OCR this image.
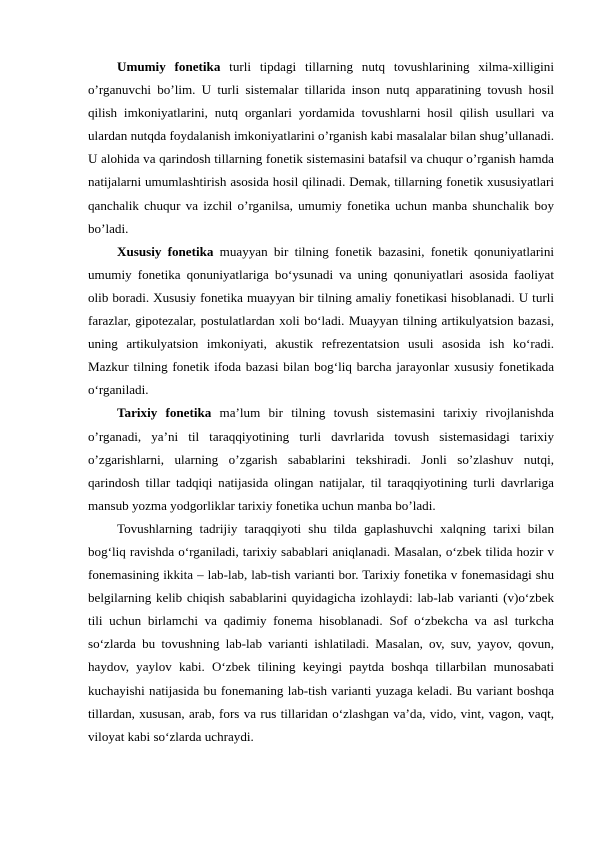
Umumiy fonetika turli tipdagi tillarning nutq tovushlarining xilma-xilligini o’rganuvchi bo’lim. U turli sistemalar tillarida inson nutq apparatining tovush hosil qilish imkoniyatlarini, nutq organlari yordamida tovushlarni hosil qilish usullari va ulardan nutqda foydalanish imkoniyatlarini o’rganish kabi masalalar bilan shug’ullanadi. U alohida va qarindosh tillarning fonetik sistemasini batafsil va chuqur o’rganish hamda natijalarni umumlashtirish asosida hosil qilinadi. Demak, tillarning fonetik xususiyatlari qanchalik chuqur va izchil o’rganilsa, umumiy fonetika uchun manba shunchalik boy bo’ladi.

Xususiy fonetika muayyan bir tilning fonetik bazasini, fonetik qonuniyatlarini umumiy fonetika qonuniyatlariga bo‘ysunadi va uning qonuniyatlari asosida faoliyat olib boradi. Xususiy fonetika muayyan bir tilning amaliy fonetikasi hisoblanadi. U turli farazlar, gipotezalar, postulatlardan xoli bo‘ladi. Muayyan tilning artikulyatsion bazasi, uning artikulyatsion imkoniyati, akustik refrezentatsion usuli asosida ish ko‘radi. Mazkur tilning fonetik ifoda bazasi bilan bog‘liq barcha jarayonlar xususiy fonetikada o‘rganiladi.

Tarixiy fonetika ma’lum bir tilning tovush sistemasini tarixiy rivojlanishda o’rganadi, ya’ni til taraqqiyotining turli davrlarida tovush sistemasidagi tarixiy o’zgarishlarni, ularning o’zgarish sabablarini tekshiradi. Jonli so’zlashuv nutqi, qarindosh tillar tadqiqi natijasida olingan natijalar, til taraqqiyotining turli davrlariga mansub yozma yodgorliklar tarixiy fonetika uchun manba bo’ladi.

Tovushlarning tadrijiy taraqqiyoti shu tilda gaplashuvchi xalqning tarixi bilan bog‘liq ravishda o‘rganiladi, tarixiy sabablari aniqlanadi. Masalan, o‘zbek tilida hozir v fonemasining ikkita – lab-lab, lab-tish varianti bor. Tarixiy fonetika v fonemasidagi shu belgilarning kelib chiqish sabablarini quyidagicha izohlaydi: lab-lab varianti (v)o‘zbek tili uchun birlamchi va qadimiy fonema hisoblanadi. Sof o‘zbekcha va asl turkcha so‘zlarda bu tovushning lab-lab varianti ishlatiladi. Masalan, ov, suv, yayov, qovun, haydov, yaylov kabi. O‘zbek tilining keyingi paytda boshqa tillarbilan munosabati kuchayishi natijasida bu fonemaning lab-tish varianti yuzaga keladi. Bu variant boshqa tillardan, xususan, arab, fors va rus tillaridan o‘zlashgan va’da, vido, vint, vagon, vaqt, viloyat kabi so‘zlarda uchraydi.
